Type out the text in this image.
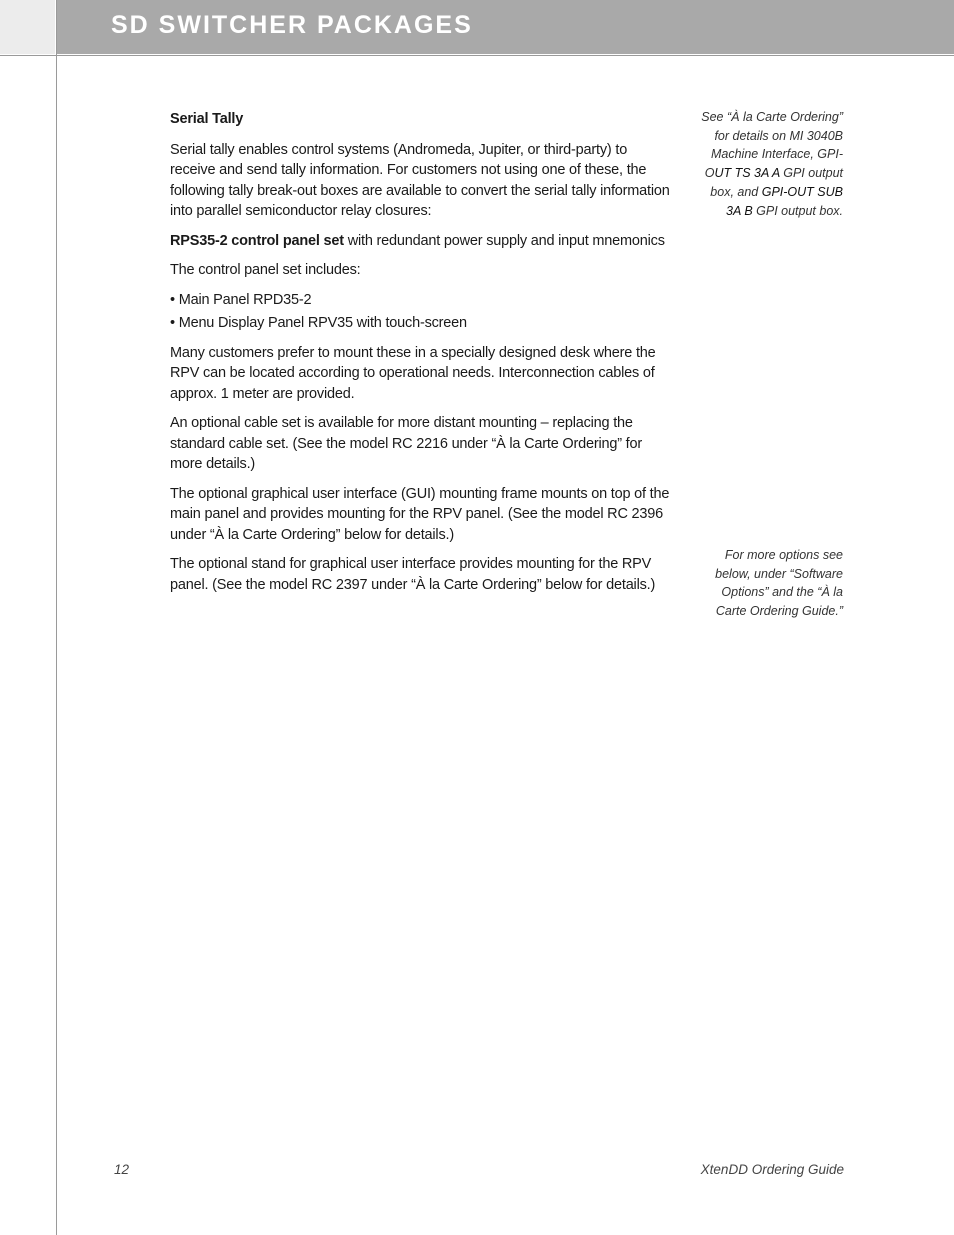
SD SWITCHER PACKAGES

Serial Tally

Serial tally enables control systems (Andromeda, Jupiter, or third-party) to receive and send tally information. For customers not using one of these, the following tally break-out boxes are available to convert the serial tally information into parallel semiconductor relay closures:

RPS35-2 control panel set with redundant power supply and input mnemonics

The control panel set includes:

• Main Panel RPD35-2
• Menu Display Panel RPV35 with touch-screen

Many customers prefer to mount these in a specially designed desk where the RPV can be located according to operational needs. Interconnection cables of approx. 1 meter are provided.

An optional cable set is available for more distant mounting – replacing the standard cable set. (See the model RC 2216 under “À la Carte Ordering” for more details.)

The optional graphical user interface (GUI) mounting frame mounts on top of the main panel and provides mounting for the RPV panel. (See the model RC 2396 under “À la Carte Ordering” below for details.)

The optional stand for graphical user interface provides mounting for the RPV panel. (See the model RC 2397 under “À la Carte Ordering” below for details.)

See “À la Carte Ordering” for details on MI 3040B Machine Interface, GPI-OUT TS 3A A GPI output box, and GPI-OUT SUB 3A B GPI output box.
For more options see below, under “Software Options” and the “À la Carte Ordering Guide.”
12	XtenDD Ordering Guide
